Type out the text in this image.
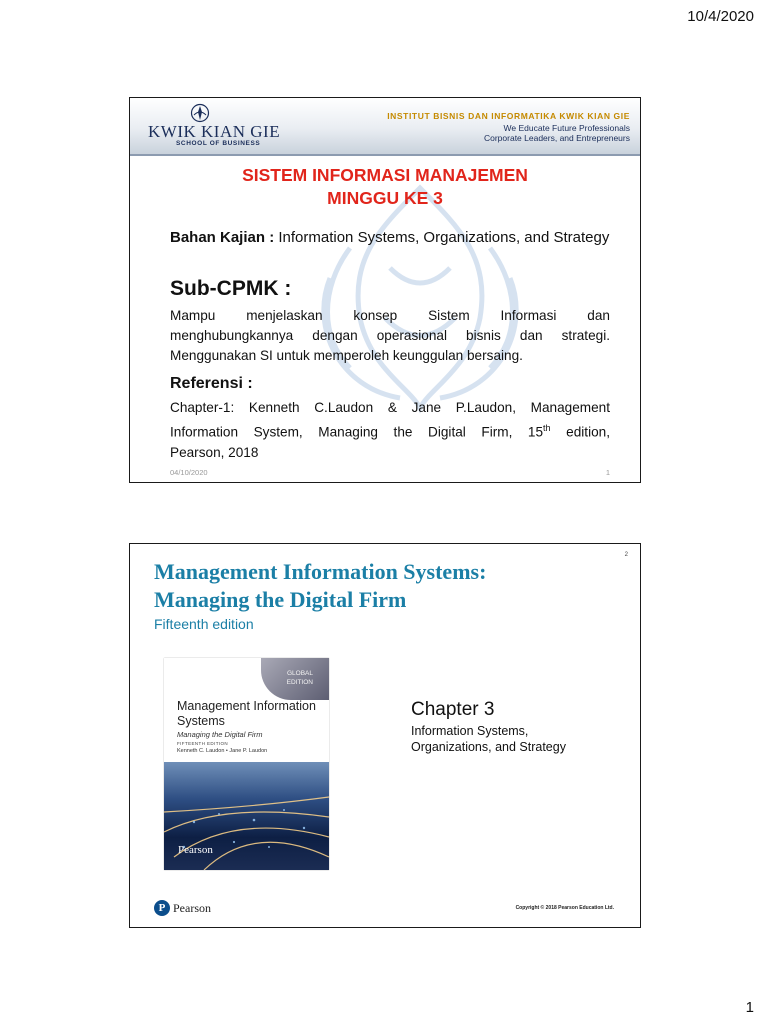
10/4/2020
KWIK KIAN GIE
SCHOOL OF BUSINESS
INSTITUT BISNIS DAN INFORMATIKA KWIK KIAN GIE
We Educate Future Professionals
Corporate Leaders, and Entrepreneurs
SISTEM INFORMASI MANAJEMEN
MINGGU KE 3
Bahan Kajian : Information Systems, Organizations, and Strategy
Sub-CPMK :
Mampu menjelaskan konsep Sistem Informasi dan
menghubungkannya dengan operasional bisnis dan strategi.
Menggunakan SI untuk memperoleh keunggulan bersaing.
Referensi :
Chapter-1: Kenneth C.Laudon & Jane P.Laudon, Management
Information System, Managing the Digital Firm, 15th edition,
Pearson, 2018
04/10/2020	1
2
Management Information Systems:
Managing the Digital Firm
Fifteenth edition
GLOBAL
EDITION
Management Information
Systems
Managing the Digital Firm
FIFTEENTH EDITION
Kenneth C. Laudon • Jane P. Laudon
Pearson
Chapter 3
Information Systems,
Organizations, and Strategy
P Pearson	Copyright © 2018 Pearson Education Ltd.
1
